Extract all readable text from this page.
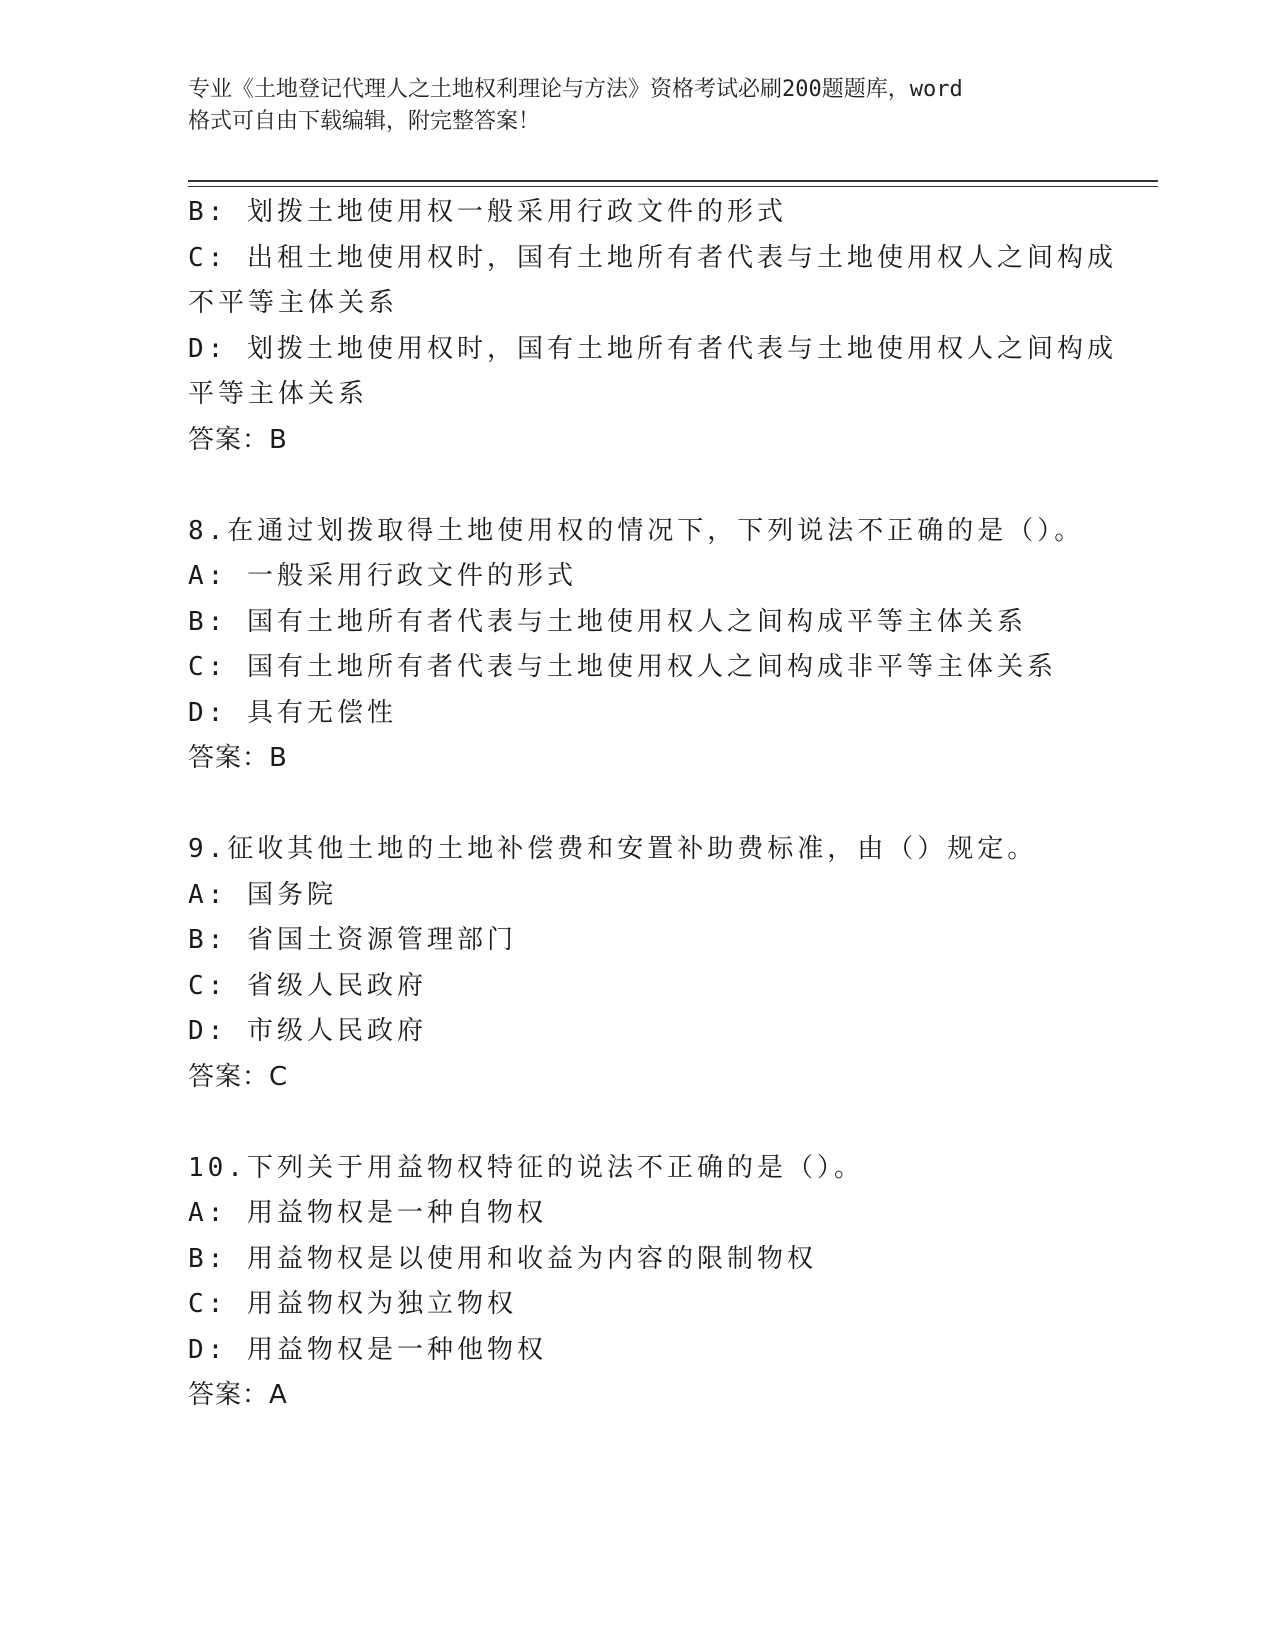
专业《土地登记代理人之土地权利理论与方法》资格考试必刷200题题库，word
格式可自由下载编辑，附完整答案！
B: 划拨土地使用权一般采用行政文件的形式
C: 出租土地使用权时，国有土地所有者代表与土地使用权人之间构成
不平等主体关系
D: 划拨土地使用权时，国有土地所有者代表与土地使用权人之间构成
平等主体关系
答案：B
8.在通过划拨取得土地使用权的情况下，下列说法不正确的是（）。
A: 一般采用行政文件的形式
B: 国有土地所有者代表与土地使用权人之间构成平等主体关系
C: 国有土地所有者代表与土地使用权人之间构成非平等主体关系
D: 具有无偿性
答案：B
9.征收其他土地的土地补偿费和安置补助费标准，由（）规定。
A: 国务院
B: 省国土资源管理部门
C: 省级人民政府
D: 市级人民政府
答案：C
10.下列关于用益物权特征的说法不正确的是（）。
A: 用益物权是一种自物权
B: 用益物权是以使用和收益为内容的限制物权
C: 用益物权为独立物权
D: 用益物权是一种他物权
答案：A
